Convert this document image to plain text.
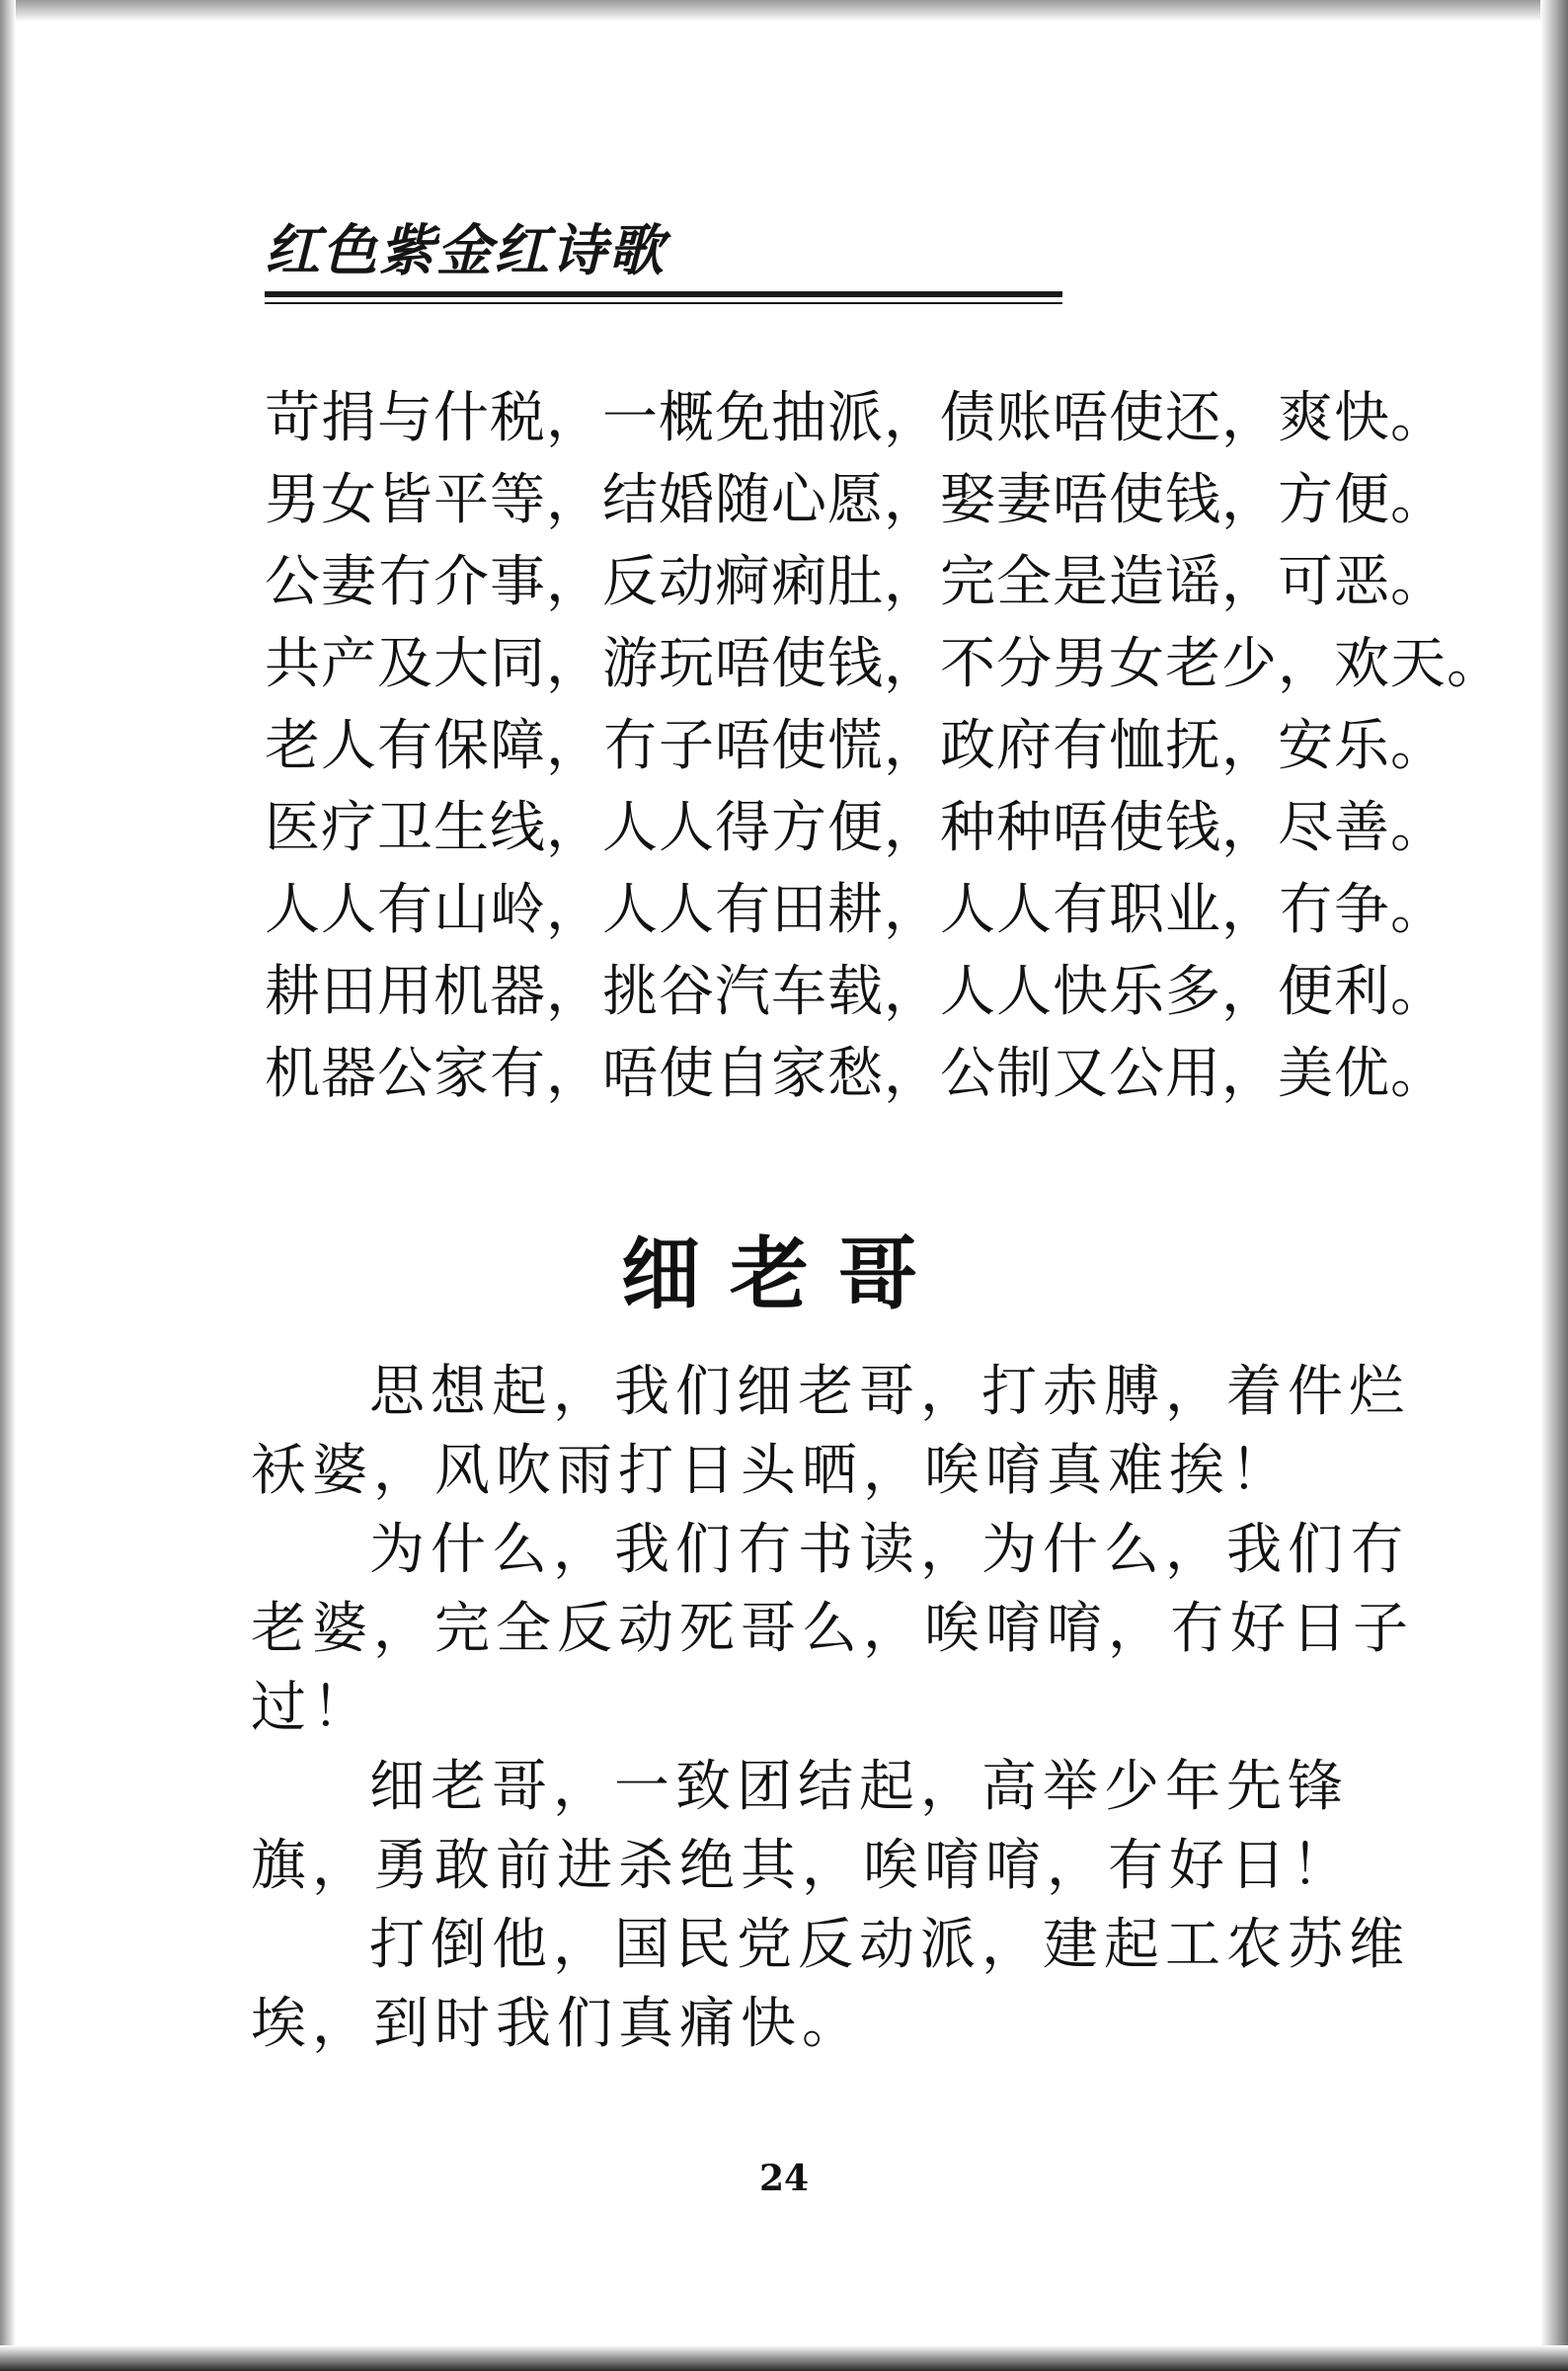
红色紫金红诗歌
苛捐与什税，一概免抽派，债账唔使还，爽快。
男女皆平等，结婚随心愿，娶妻唔使钱，方便。
公妻冇介事，反动痾痢肚，完全是造谣，可恶。
共产及大同，游玩唔使钱，不分男女老少，欢天。
老人有保障，冇子唔使慌，政府有恤抚，安乐。
医疗卫生线，人人得方便，种种唔使钱，尽善。
人人有山岭，人人有田耕，人人有职业，冇争。
耕田用机器，挑谷汽车载，人人快乐多，便利。
机器公家有，唔使自家愁，公制又公用，美优。
细老哥

思想起，我们细老哥，打赤膊，着件烂袄婆，风吹雨打日头晒，唉唷真难挨！

为什么，我们冇书读，为什么，我们冇老婆，完全反动死哥么，唉唷唷，冇好日子过！

细老哥，一致团结起，高举少年先锋旗，勇敢前进杀绝其，唉唷唷，有好日！

打倒他，国民党反动派，建起工农苏维埃，到时我们真痛快。

24
